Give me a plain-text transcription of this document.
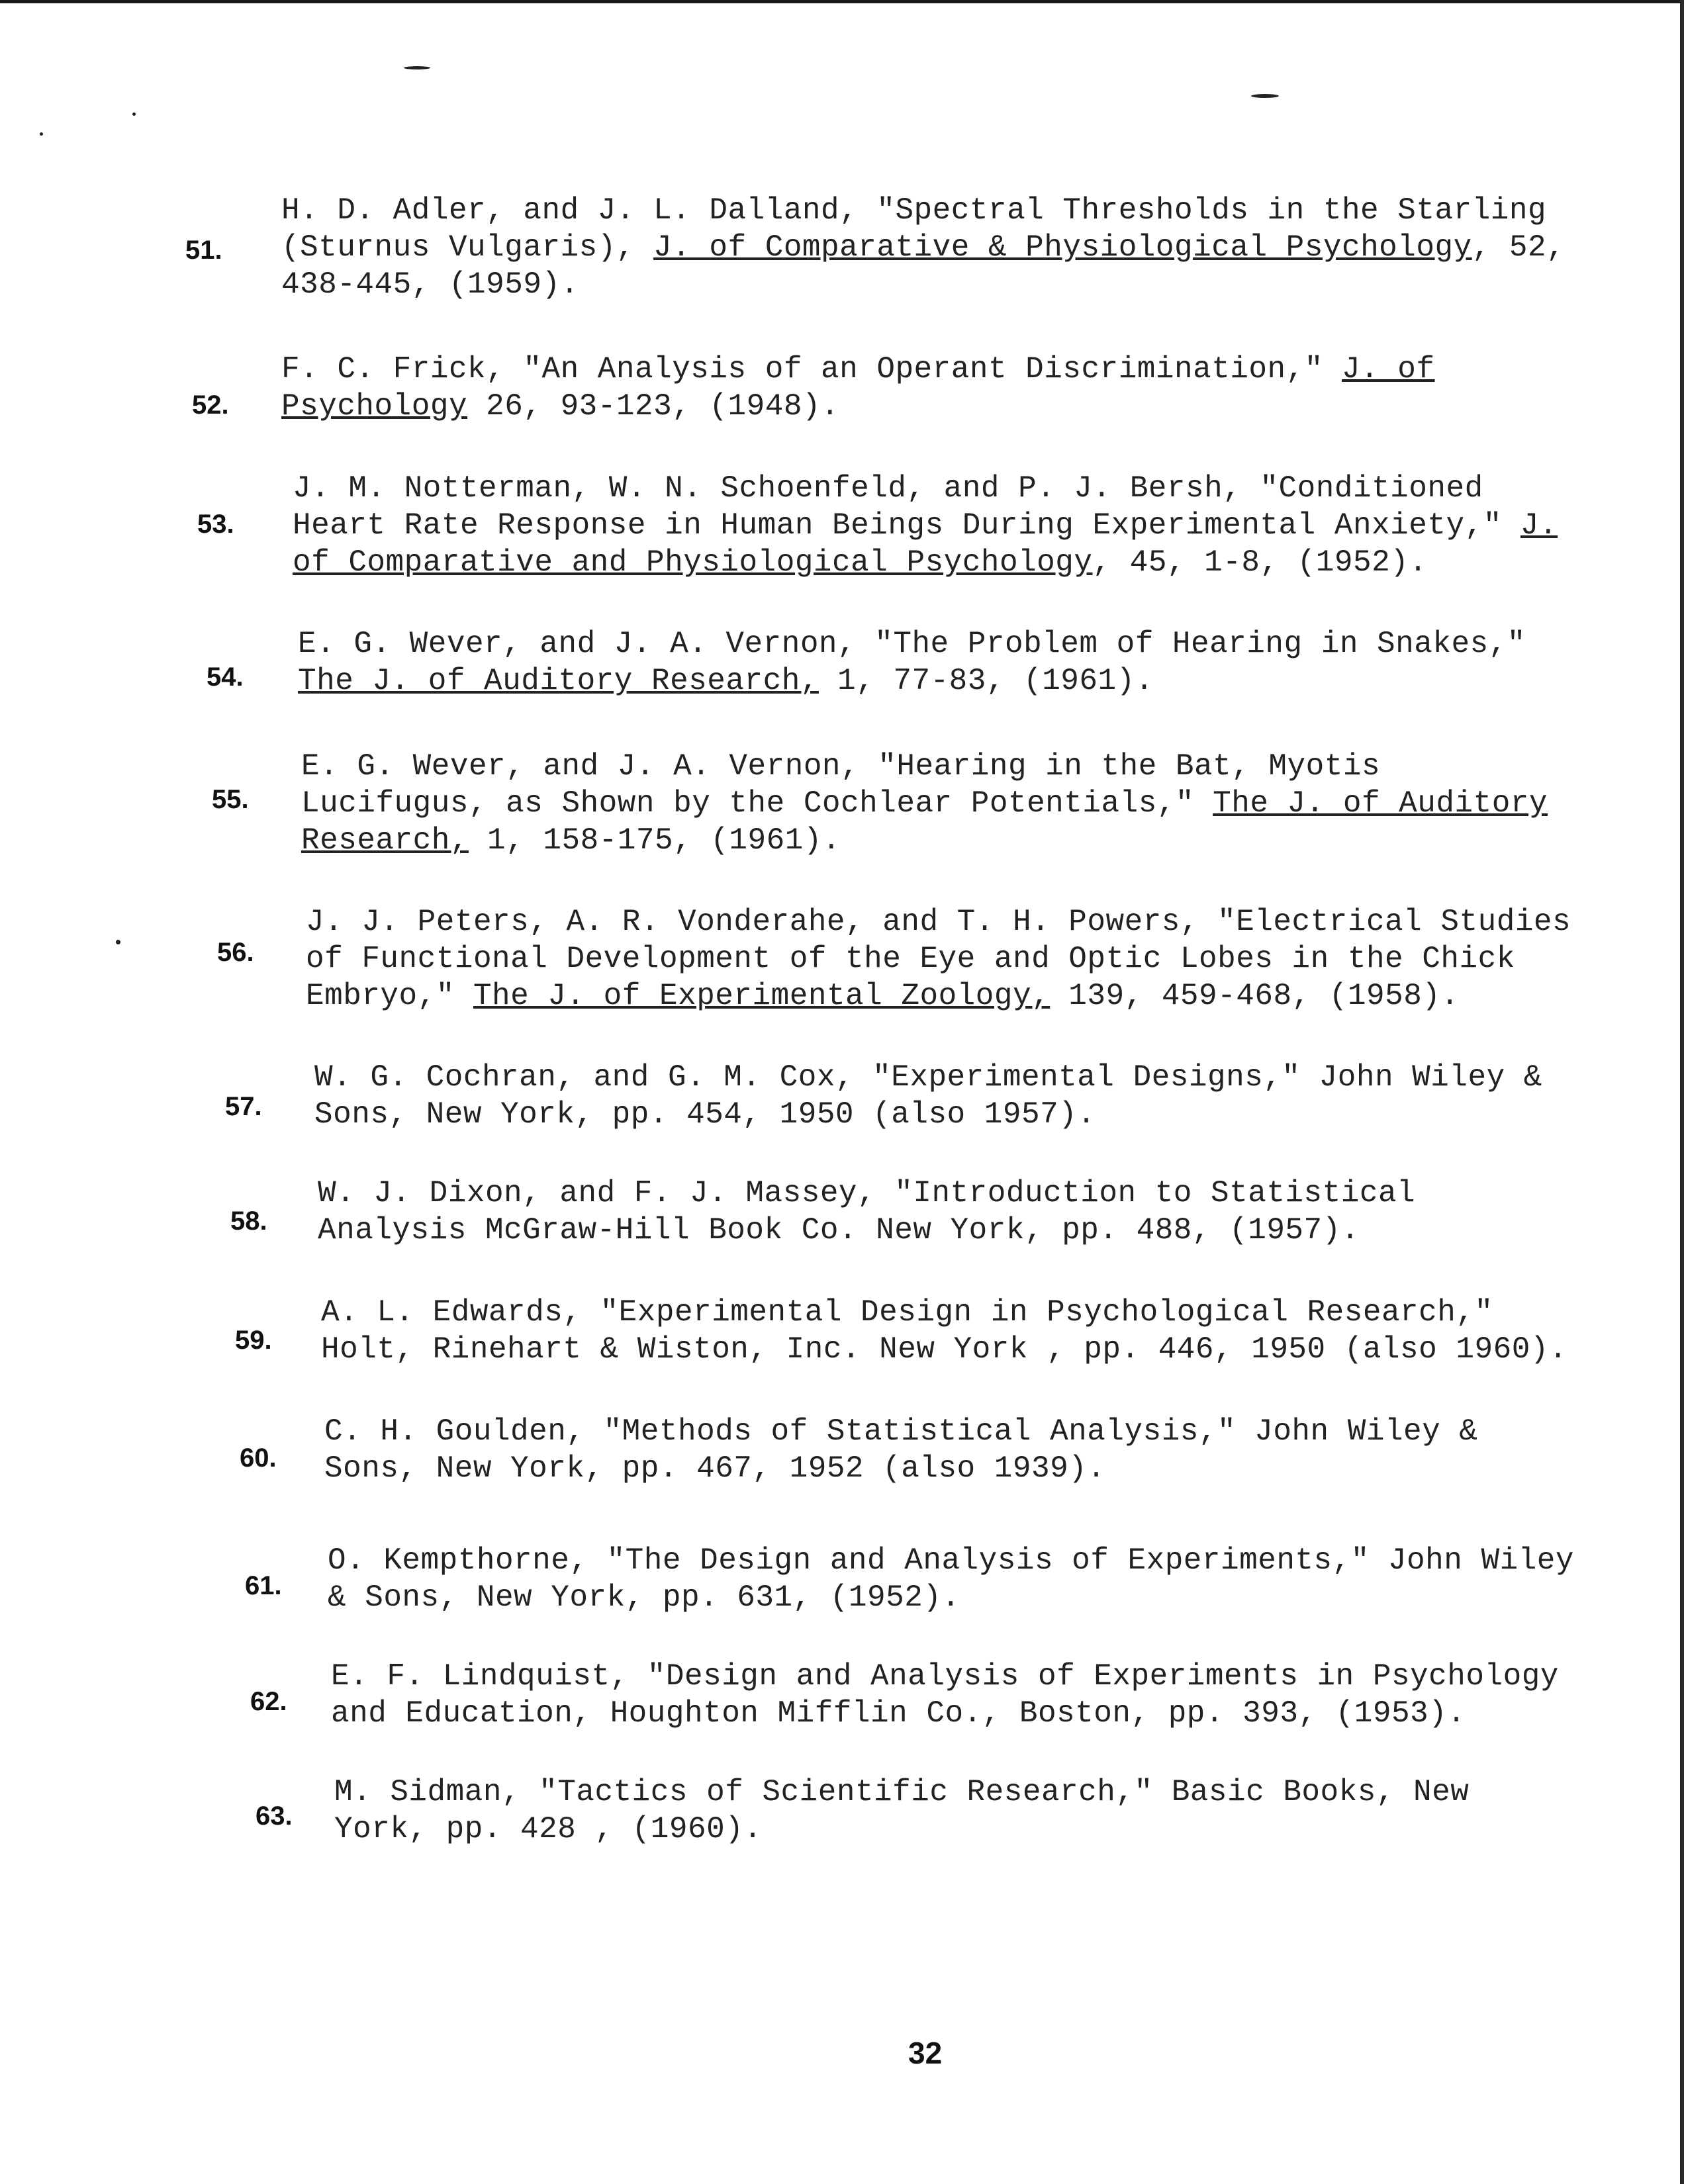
51.
H. D. Adler, and J. L. Dalland, "Spectral Thresholds in the Starling (Sturnus Vulgaris), J. of Comparative & Physiological Psychology, 52, 438-445, (1959).
52.
F. C. Frick, "An Analysis of an Operant Discrimination," J. of Psychology 26, 93-123, (1948).
53.
J. M. Notterman, W. N. Schoenfeld, and P. J. Bersh, "Conditioned Heart Rate Response in Human Beings During Experimental Anxiety," J. of Comparative and Physiological Psychology, 45, 1-8, (1952).
54.
E. G. Wever, and J. A. Vernon, "The Problem of Hearing in Snakes," The J. of Auditory Research, 1, 77-83, (1961).
55.
E. G. Wever, and J. A. Vernon, "Hearing in the Bat, Myotis Lucifugus, as Shown by the Cochlear Potentials," The J. of Auditory Research, 1, 158-175, (1961).
56.
J. J. Peters, A. R. Vonderahe, and T. H. Powers, "Electrical Studies of Functional Development of the Eye and Optic Lobes in the Chick Embryo," The J. of Experimental Zoology, 139, 459-468, (1958).
57.
W. G. Cochran, and G. M. Cox, "Experimental Designs," John Wiley & Sons, New York, pp. 454, 1950 (also 1957).
58.
W. J. Dixon, and F. J. Massey, "Introduction to Statistical Analysis McGraw-Hill Book Co. New York, pp. 488, (1957).
59.
A. L. Edwards, "Experimental Design in Psychological Research," Holt, Rinehart & Wiston, Inc. New York , pp. 446, 1950 (also 1960).
60.
C. H. Goulden, "Methods of Statistical Analysis," John Wiley & Sons, New York, pp. 467, 1952 (also 1939).
61.
O. Kempthorne, "The Design and Analysis of Experiments," John Wiley & Sons, New York, pp. 631, (1952).
62.
E. F. Lindquist, "Design and Analysis of Experiments in Psychology and Education, Houghton Mifflin Co., Boston, pp. 393, (1953).
63.
M. Sidman, "Tactics of Scientific Research," Basic Books, New York, pp. 428 , (1960).
32
